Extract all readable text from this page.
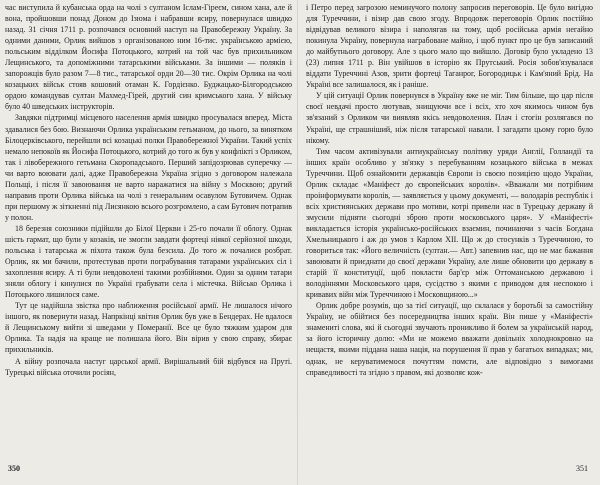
час виступила й кубанська орда на чолі з султаном Іслам-Гіреєм, сином хана, але й вона, пройшовши понад Доном до Ізюма і набравши ясиру, повернулася швидко назад. 31 січня 1711 р. розпочався основний наступ на Правобережну Україну. За одними даними, Орлик вийшов з організованою ним 16-тис. українською армією, польським відділком Йосифа Потоцького, котрий на той час був прихильником Лещинського, та допоміжними татарськими військами. За іншими — поляків і запорожців було разом 7—8 тис., татарської орди 20—30 тис. Окрім Орлика на чолі козацьких військ стояв кошовий отаман К. Гордієнко. Буджацько-Білгородською ордою командував султан Махмед-Гірей, другий син кримського хана. У війську було 40 шведських інструкторів.

Завдяки підтримці місцевого населення армія швидко просувалася вперед. Міста здавалися без бою. Визнаючи Орлика українським гетьманом, до нього, за винятком Білоцерківського, перейшли всі козацькі полки Правобережної України. Такий успіх немало непокоїв як Йосифа Потоцького, котрий до того ж був у конфлікті з Орликом, так і лівобережного гетьмана Скоропадського. Перший запідозрював суперечку — чи варто воювати далі, адже Правобережна Україна згідно з договором належала Польщі, і після її завоювання не варто наражатися на війну з Москвою; другий направив проти Орлика війська на чолі з генеральним осавулом Бутовичем. Однак при першому ж зіткненні під Лисянкою всього розгромлено, а сам Бутович потрапив у полон.

18 березня союзники підійшли до Білої Церкви і 25-го почали її облогу. Однак шість гармат, що були у козаків, не змогли завдати фортеці ніякої серйозної шкоди, польська і татарська ж піхота також була безсила. До того ж почалися розбрат. Орлик, як ми бачили, протестував проти пограбування татарами українських сіл і захоплення ясиру. А ті були невдоволені такими розбійнями. Один за одним татари зняли облогу і кинулися по Україні грабувати села і містечка. Військо Орлика і Потоцького лишилося саме.

Тут це надійшла звістка про наближення російської армії. Не лишалося нічого іншого, як повернути назад. Напркінці квітня Орлик був уже в Бендерах. Не вдалося й Лещинському вийти зі шведами у Померанії. Все це було тяжким ударом для Орлика. Та надія на краще не полишала його. Він вірив у свою справу, збирає прихильників.

А війну розпочала настуг царської армії. Вирішальний бій відбувся на Пруті. Турецькі війська оточили росіян,

і Петро перед загрозою неминучого полону запросив переговорів. Це було вигідно для Туреччини, і візир дав свою згоду. Впродовж переговорів Орлик постійно відвідував великого візира і наполягав на тому, щоб російська армія негайно покинула Україну, повернула награбоване майно, і щоб пункт про це був записаний до майбутнього договору. Але з цього мало що вийшло. Договір було укладено 13 (23) липня 1711 р. Він увійшов в історію як Прутський. Росія зобов'язувалася віддати Туреччині Азов, зрити фортеці Таганрог, Богородицьк і Кам'яний Брід. На Україні все залишалося, як і раніше.

У цій ситуації Орлик повернувся в Україну вже не міг. Тим більше, що цар після своєї невдачі просто лютував, знищуючи все і всіх, хто хоч якимось чином був зв'язаний з Орликом чи виявляв якісь невдоволення. Плач і стогін розлягався по Україні, ще страшніший, ніж після татарської навали. І загадати цьому горю було нікому.

Тим часом активізували антиукраїнську політику уряди Англії, Голландії та інших країн особливо у зв'язку з перебуванням козацького війська в межах Туреччини. Щоб ознайомити державців Європи із своєю позицією щодо України, Орлик складає «Маніфест до європейських королів». «Вважали ми потрібним проінформувати королів, — заявляється у цьому документі, — володарів республік і всіх християнських держави про мотиви, котрі привели нас в Турецьку державу й змусили підняти сьогодні зброю проти московського царя». У «Маніфесті» викладається історія українсько-російських взаємин, починаючи з часів Богдана Хмельницького і аж до умов з Карлом XII. Що ж до стосунків з Туреччиною, то говориться так: «Його величність (султан.— Авт.) запевнив нас, що не має бажання завоювати й приєднати до своєї держави Україну, але лише обновити цю державу в старій її конституції, щоб покласти бар'єр між Оттоманською державою і володіннями Московського царя, сусідство з якими є приводом для неспокою і кривавих війн між Туреччиною і Московщиною...»

Орлик добре розумів, що за тієї ситуації, що склалася у боротьбі за самостійну Україну, не обійтися без посередництва інших країн. Він пише у «Маніфесті» знамениті слова, які й сьогодні звучають проникливо й болем за українській народ, за його історичну долю: «Ми не можемо вважати довільніх холоднокровно на нещастя, якими піддана нашa нація, на порушення її прав у багатьох випадках; ми, однак, не керуватимемося почуттям помсти, але відповідно з вимогами справедливості та згідно з правом, які дозволяє кож-

350	351
